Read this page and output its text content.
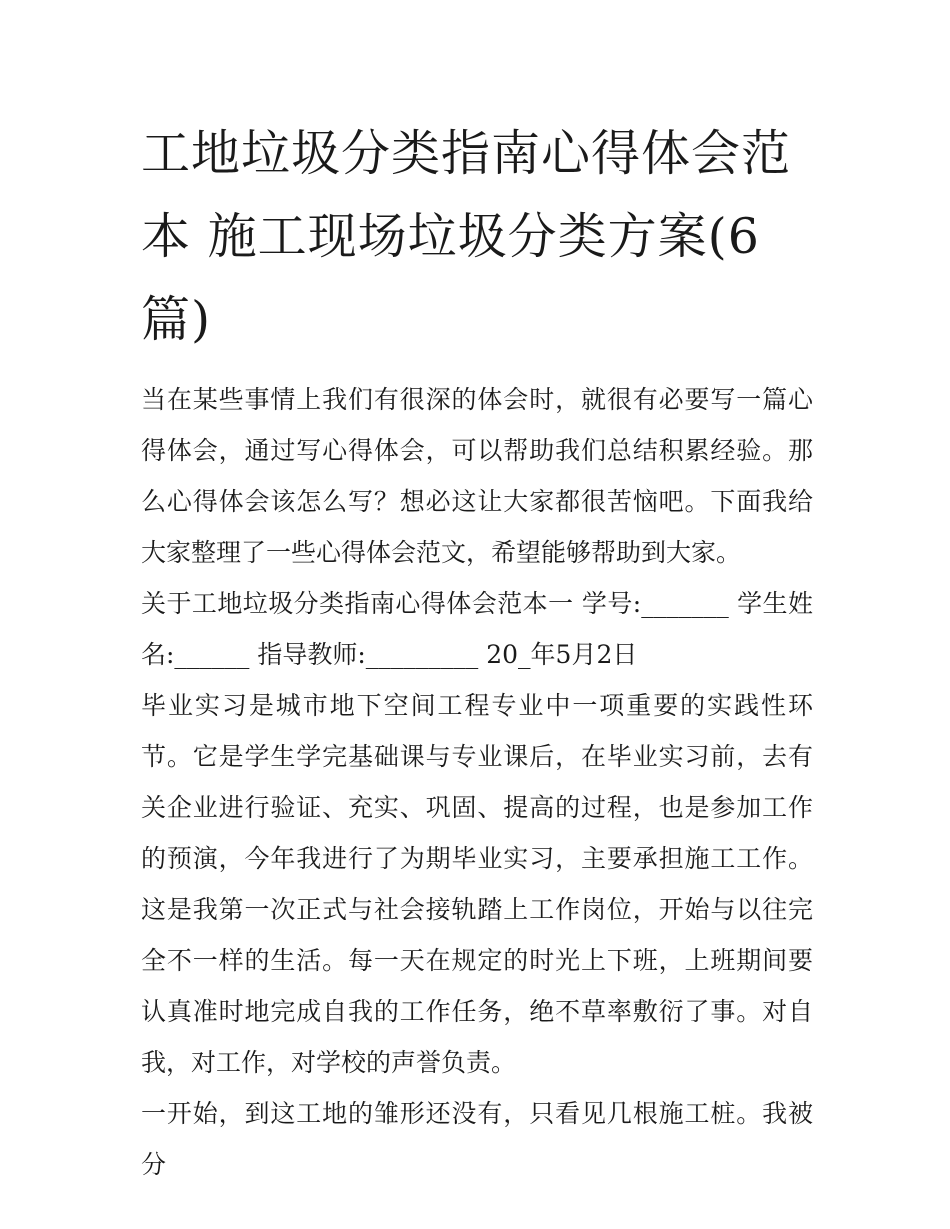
工地垃圾分类指南心得体会范本 施工现场垃圾分类方案(6篇)

当在某些事情上我们有很深的体会时，就很有必要写一篇心得体会，通过写心得体会，可以帮助我们总结积累经验。那么心得体会该怎么写？想必这让大家都很苦恼吧。下面我给大家整理了一些心得体会范文，希望能够帮助到大家。

关于工地垃圾分类指南心得体会范本一 学号:_______ 学生姓名:______ 指导教师:_________ 20_年5月2日

毕业实习是城市地下空间工程专业中一项重要的实践性环节。它是学生学完基础课与专业课后，在毕业实习前，去有关企业进行验证、充实、巩固、提高的过程，也是参加工作的预演，今年我进行了为期毕业实习，主要承担施工工作。这是我第一次正式与社会接轨踏上工作岗位，开始与以往完全不一样的生活。每一天在规定的时光上下班，上班期间要认真准时地完成自我的工作任务，绝不草率敷衍了事。对自我，对工作，对学校的声誉负责。

一开始，到这工地的雏形还没有，只看见几根施工桩。我被分
